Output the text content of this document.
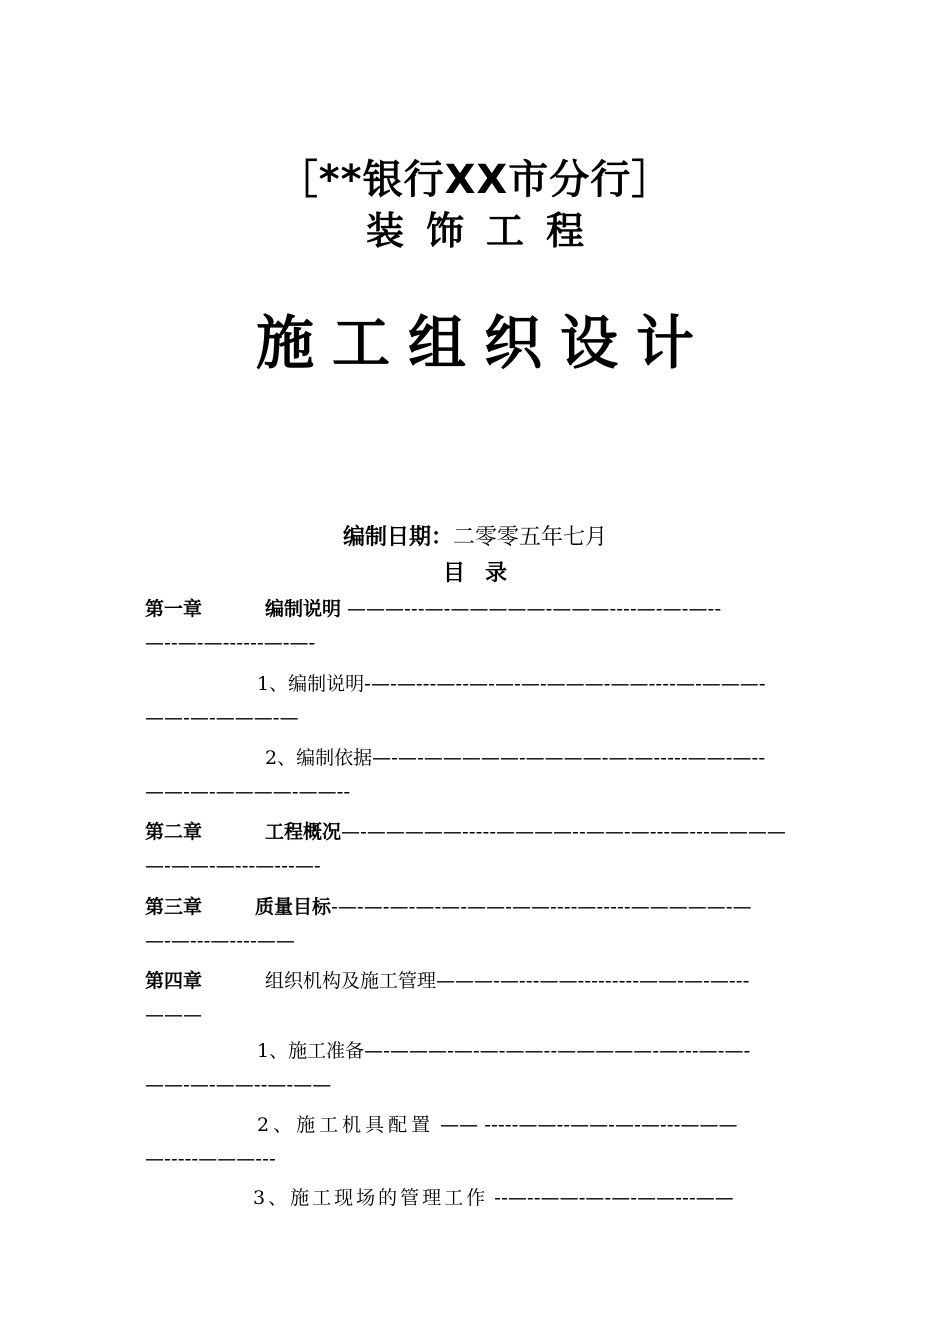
［**银行XX市分行］
装饰工程
施工组织设计
编制日期：二零零五年七月
目录
第一章	编制说明 ———---—-—————-———----—-—-—--
—--—-—------—-—-
1、编制说明-—-—---—--—-—-—-———-——----—-———-
——-—-———-—
2、编制依据—-—-—————-————-—-—-----——-—--
——-—-————-——--
第二章	工程概况—-—————-----————--——-—---—---————
—-——-—---—---—-
第三章	质量目标-—-—-—-—-—-——-——----—-----—————-—
—-—---—----——
第四章	组织机构及施工管理———-—---——---------——-—-—---
———
1、施工准备—-———-—-—-——--—————-—---—-—-
——-—-——--—-——
2、施工机具配置 —— -----——--——-—-—---———
—-----———---
3、施工现场的管理工作 --—--——-—-—-——---——
